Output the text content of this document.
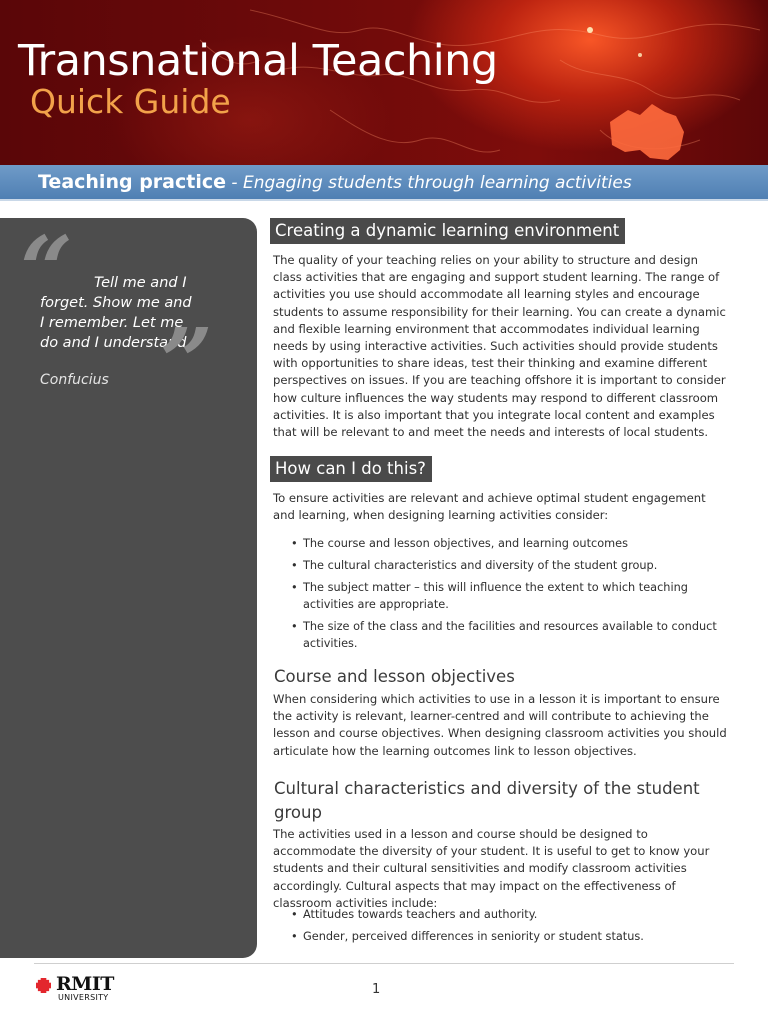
Transnational Teaching
Quick Guide
Teaching practice - Engaging students through learning activities
“	Tell me and I forget. Show me and I remember. Let me do and I understand
”
Confucius
Creating a dynamic learning environment
The quality of your teaching relies on your ability to structure and design class activities that are engaging and support student learning. The range of activities you use should accommodate all learning styles and encourage students to assume responsibility for their learning. You can create a dynamic and flexible learning environment that accommodates individual learning needs by using interactive activities. Such activities should provide students with opportunities to share ideas, test their thinking and examine different perspectives on issues. If you are teaching offshore it is important to consider how culture influences the way students may respond to different classroom activities. It is also important that you integrate local content and examples that will be relevant to and meet the needs and interests of local students.
How can I do this?
To ensure activities are relevant and achieve optimal student engagement and learning, when designing learning activities consider:
• The course and lesson objectives, and learning outcomes
• The cultural characteristics and diversity of the student group.
• The subject matter – this will influence the extent to which teaching activities are appropriate.
• The size of the class and the facilities and resources available to conduct activities.
Course and lesson objectives
When considering which activities to use in a lesson it is important to ensure the activity is relevant, learner-centred and will contribute to achieving the lesson and course objectives. When designing classroom activities you should articulate how the learning outcomes link to lesson objectives.
Cultural characteristics and diversity of the student group
The activities used in a lesson and course should be designed to accommodate the diversity of your student. It is useful to get to know your students and their cultural sensitivities and modify classroom activities accordingly. Cultural aspects that may impact on the effectiveness of classroom activities include:
• Attitudes towards teachers and authority.
• Gender, perceived differences in seniority or student status.
RMIT
UNIVERSITY
1
